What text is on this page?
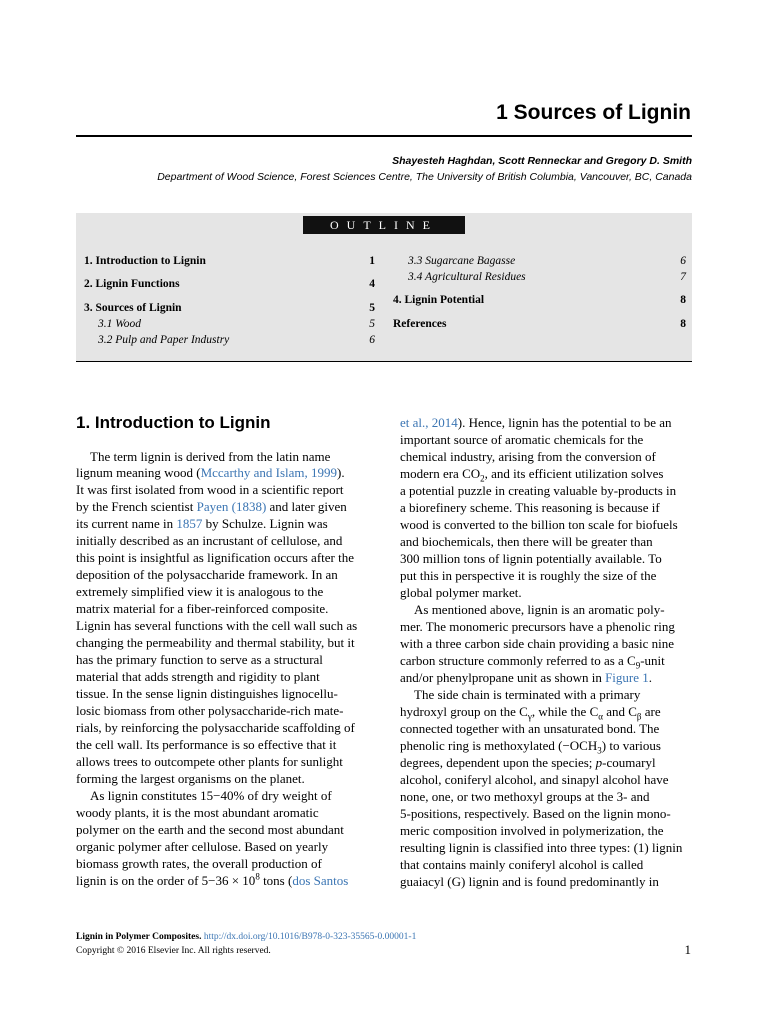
1 Sources of Lignin
Shayesteh Haghdan, Scott Renneckar and Gregory D. Smith
Department of Wood Science, Forest Sciences Centre, The University of British Columbia, Vancouver, BC, Canada
OUTLINE
1. Introduction to Lignin	1
2. Lignin Functions	4
3. Sources of Lignin	5
3.1 Wood	5
3.2 Pulp and Paper Industry	6
3.3 Sugarcane Bagasse	6
3.4 Agricultural Residues	7
4. Lignin Potential	8
References	8
1. Introduction to Lignin
The term lignin is derived from the latin name
lignum meaning wood (Mccarthy and Islam, 1999).
It was first isolated from wood in a scientific report
by the French scientist Payen (1838) and later given
its current name in 1857 by Schulze. Lignin was
initially described as an incrustant of cellulose, and
this point is insightful as lignification occurs after the
deposition of the polysaccharide framework. In an
extremely simplified view it is analogous to the
matrix material for a fiber-reinforced composite.
Lignin has several functions with the cell wall such as
changing the permeability and thermal stability, but it
has the primary function to serve as a structural
material that adds strength and rigidity to plant
tissue. In the sense lignin distinguishes lignocellu-
losic biomass from other polysaccharide-rich mate-
rials, by reinforcing the polysaccharide scaffolding of
the cell wall. Its performance is so effective that it
allows trees to outcompete other plants for sunlight
forming the largest organisms on the planet.
As lignin constitutes 15−40% of dry weight of
woody plants, it is the most abundant aromatic
polymer on the earth and the second most abundant
organic polymer after cellulose. Based on yearly
biomass growth rates, the overall production of
lignin is on the order of $5-36 \times 10^8$ tons (dos Santos
et al., 2014). Hence, lignin has the potential to be an
important source of aromatic chemicals for the
chemical industry, arising from the conversion of
modern era $CO_2$, and its efficient utilization solves
a potential puzzle in creating valuable by-products in
a biorefinery scheme. This reasoning is because if
wood is converted to the billion ton scale for biofuels
and biochemicals, then there will be greater than
300 million tons of lignin potentially available. To
put this in perspective it is roughly the size of the
global polymer market.
As mentioned above, lignin is an aromatic poly-
mer. The monomeric precursors have a phenolic ring
with a three carbon side chain providing a basic nine
carbon structure commonly referred to as a $C_9$-unit
and/or phenylpropane unit as shown in Figure 1.
The side chain is terminated with a primary
hydroxyl group on the $C_\gamma$, while the $C_\alpha$ and $C_\beta$ are
connected together with an unsaturated bond. The
phenolic ring is methoxylated $(-OCH_3)$ to various
degrees, dependent upon the species; p-coumaryl
alcohol, coniferyl alcohol, and sinapyl alcohol have
none, one, or two methoxyl groups at the 3- and
5-positions, respectively. Based on the lignin mono-
meric composition involved in polymerization, the
resulting lignin is classified into three types: (1) lignin
that contains mainly coniferyl alcohol is called
guaiacyl (G) lignin and is found predominantly in
Lignin in Polymer Composites. http://dx.doi.org/10.1016/B978-0-323-35565-0.00001-1
Copyright © 2016 Elsevier Inc. All rights reserved.	1
